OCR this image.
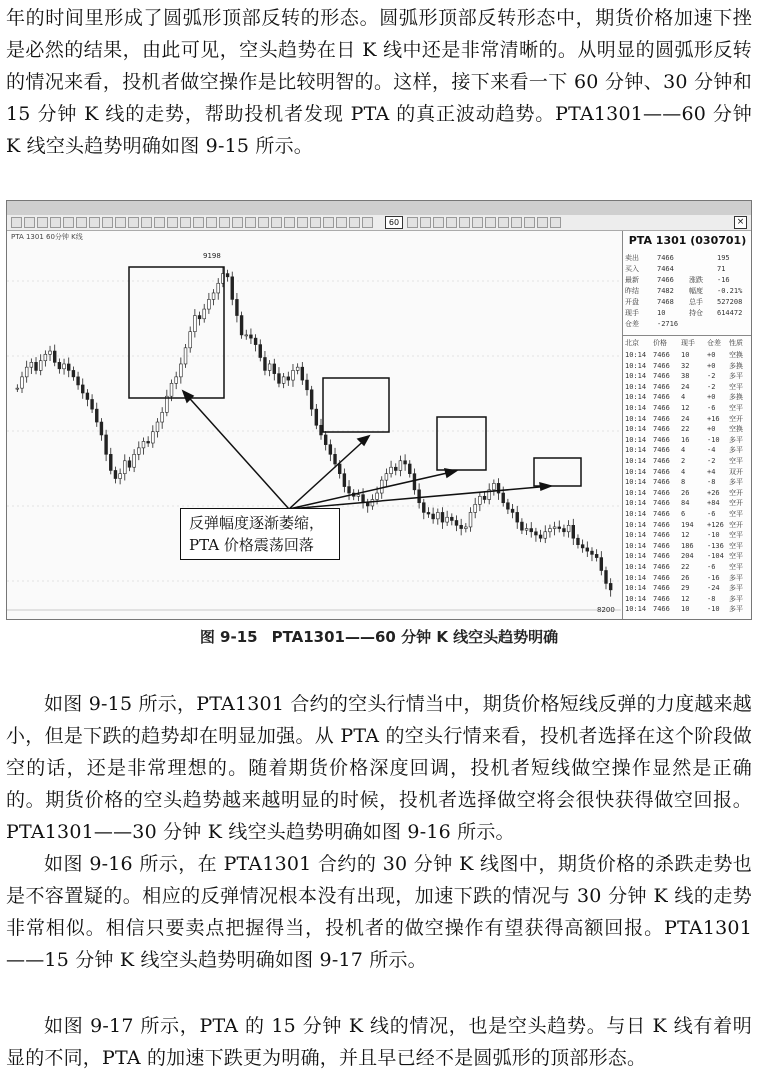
年的时间里形成了圆弧形顶部反转的形态。圆弧形顶部反转形态中，期货价格加速下挫是必然的结果，由此可见，空头趋势在日 K 线中还是非常清晰的。从明显的圆弧形反转的情况来看，投机者做空操作是比较明智的。这样，接下来看一下 60 分钟、30 分钟和 15 分钟 K 线的走势，帮助投机者发现 PTA 的真正波动趋势。PTA1301——60 分钟 K 线空头趋势明确如图 9-15 所示。

60	×
9198
8200
PTA 1301 60分钟 K线	PTA 1301 (030701)
卖出	7466	195
买入	7464	71
最新	7466 涨跌 -16
昨结	7482 幅度 -0.21%
开盘	7468 总手 527208
现手	10	持仓 614472
仓差	-2716
北京 价格 现手 仓差 性质
10:14 7466 10	+0 空换
10:14 7466 32	+0 多换
10:14 7466 38	-2 多平
10:14 7466 24	-2 空平
10:14 7466 4	+0 多换
10:14 7466 12	-6 空平
10:14 7466 24	+16 空开
10:14 7466 22	+0 空换
10:14 7466 16	-10 多平
10:14 7466 4	-4 多平
10:14 7466 2	-2 空平
10:14 7466 4	+4 双开
10:14 7466 8	-8 多平
10:14 7466 26	+26 空开
10:14 7466 84	+84 空开
10:14 7466 6	-6 空平
10:14 7466 194 +126 空开
10:14 7466 12	-10 空平
10:14 7466 186 -136 空平
10:14 7466 204 -104 空平
10:14 7466 22	-6 空平
10:14 7466 26	-16 多平
10:14 7466 29	-24 多平
10:14 7466 12	-8 多平
10:14 7466 10	-10 多平
反弹幅度逐渐萎缩，
PTA 价格震荡回落
图 9-15 PTA1301——60 分钟 K 线空头趋势明确

如图 9-15 所示，PTA1301 合约的空头行情当中，期货价格短线反弹的力度越来越小，但是下跌的趋势却在明显加强。从 PTA 的空头行情来看，投机者选择在这个阶段做空的话，还是非常理想的。随着期货价格深度回调，投机者短线做空操作显然是正确的。期货价格的空头趋势越来越明显的时候，投机者选择做空将会很快获得做空回报。PTA1301——30 分钟 K 线空头趋势明确如图 9-16 所示。

如图 9-16 所示，在 PTA1301 合约的 30 分钟 K 线图中，期货价格的杀跌走势也是不容置疑的。相应的反弹情况根本没有出现，加速下跌的情况与 30 分钟 K 线的走势非常相似。相信只要卖点把握得当，投机者的做空操作有望获得高额回报。PTA1301——15 分钟 K 线空头趋势明确如图 9-17 所示。

如图 9-17 所示，PTA 的 15 分钟 K 线的情况，也是空头趋势。与日 K 线有着明显的不同，PTA 的加速下跌更为明确，并且早已经不是圆弧形的顶部形态。
